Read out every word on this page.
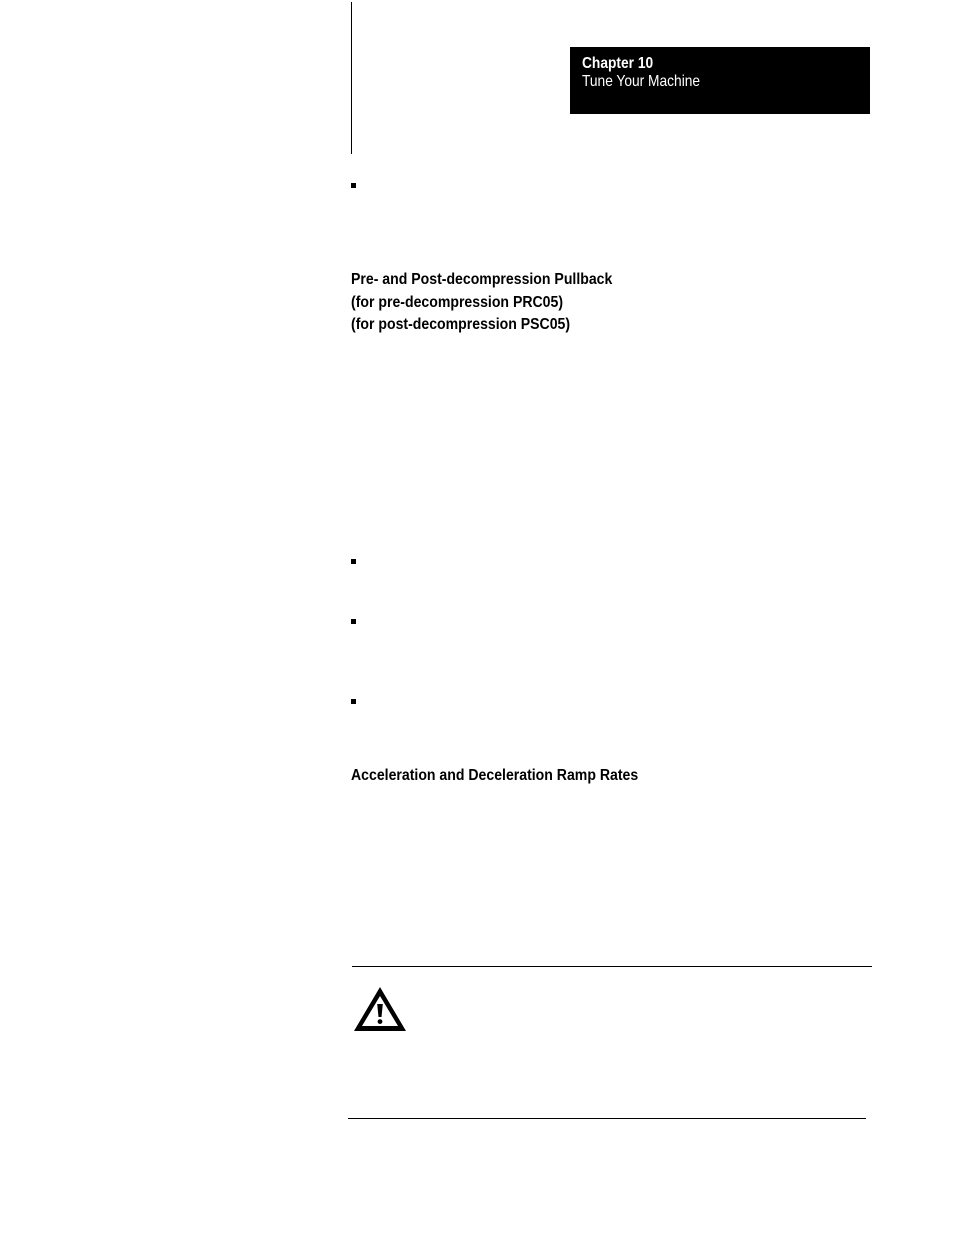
Chapter 10
Tune Your Machine
Pre- and Post-decompression Pullback
(for pre-decompression PRC05)
(for post-decompression PSC05)
Acceleration and Deceleration Ramp Rates
